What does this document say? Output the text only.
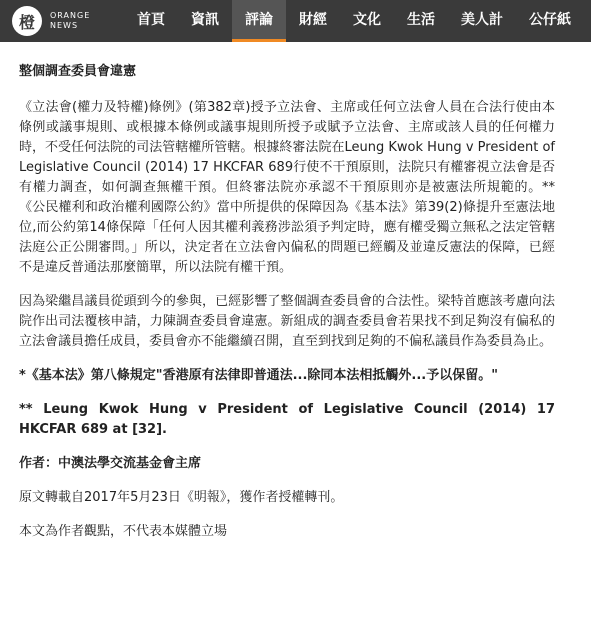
橙	ORANGE
NEWS	首頁	資訊	評論	財經	文化	生活	美人計	公仔紙

整個調查委員會違憲

《立法會(權力及特權)條例》(第382章)授予立法會、主席或任何立法會人員在合法行使由本條例或議事規則、或根據本條例或議事規則所授予或賦予立法會、主席或該人員的任何權力時，不受任何法院的司法管轄權所管轄。根據終審法院在Leung Kwok Hung v President of Legislative Council (2014) 17 HKCFAR 689行使不干預原則，法院只有權審視立法會是否有權力調查，如何調查無權干預。但終審法院亦承認不干預原則亦是被憲法所規範的。** 《公民權利和政治權利國際公約》當中所提供的保障因為《基本法》第39(2)條提升至憲法地位,而公約第14條保障「任何人因其權利義務涉訟須予判定時，應有權受獨立無私之法定管轄法庭公正公開審問。」所以，決定者在立法會內偏私的問題已經觸及並違反憲法的保障，已經不是違反普通法那麼簡單，所以法院有權干預。

因為梁繼昌議員從頭到今的參與，已經影響了整個調查委員會的合法性。梁特首應該考慮向法院作出司法覆核申請，力陳調查委員會違憲。新組成的調查委員會若果找不到足夠沒有偏私的立法會議員擔任成員，委員會亦不能繼續召開，直至到找到足夠的不偏私議員作為委員為止。

*《基本法》第八條規定"香港原有法律即普通法...除同本法相抵觸外...予以保留。"

** Leung Kwok Hung v President of Legislative Council (2014) 17 HKCFAR 689 at [32].

作者：中澳法學交流基金會主席

原文轉載自2017年5月23日《明報》，獲作者授權轉刊。

本文為作者觀點，不代表本媒體立場
